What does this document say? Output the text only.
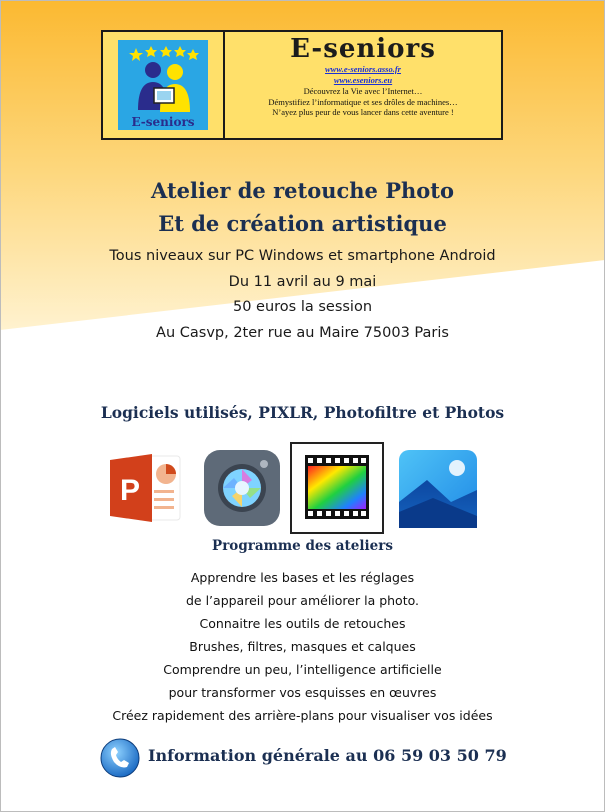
E-seniors
E-seniors
www.e-seniors.asso.fr
www.eseniors.eu
Découvrez la Vie avec l’Internet…
Démystifiez l’informatique et ses drôles de machines…
N’ayez plus peur de vous lancer dans cette aventure !
Atelier de retouche Photo
Et de création artistique
Tous niveaux sur PC Windows et smartphone Android
Du 11 avril au 9 mai
50 euros la session
Au Casvp, 2ter rue au Maire 75003 Paris
Logiciels utilisés, PIXLR, Photofiltre et Photos
P
Programme des ateliers
Apprendre les bases et les réglages
de l’appareil pour améliorer la photo.
Connaitre les outils de retouches
Brushes, filtres, masques et calques
Comprendre un peu, l’intelligence artificielle
pour transformer vos esquisses en œuvres
Créez rapidement des arrière-plans pour visualiser vos idées
Information générale au 06 59 03 50 79
